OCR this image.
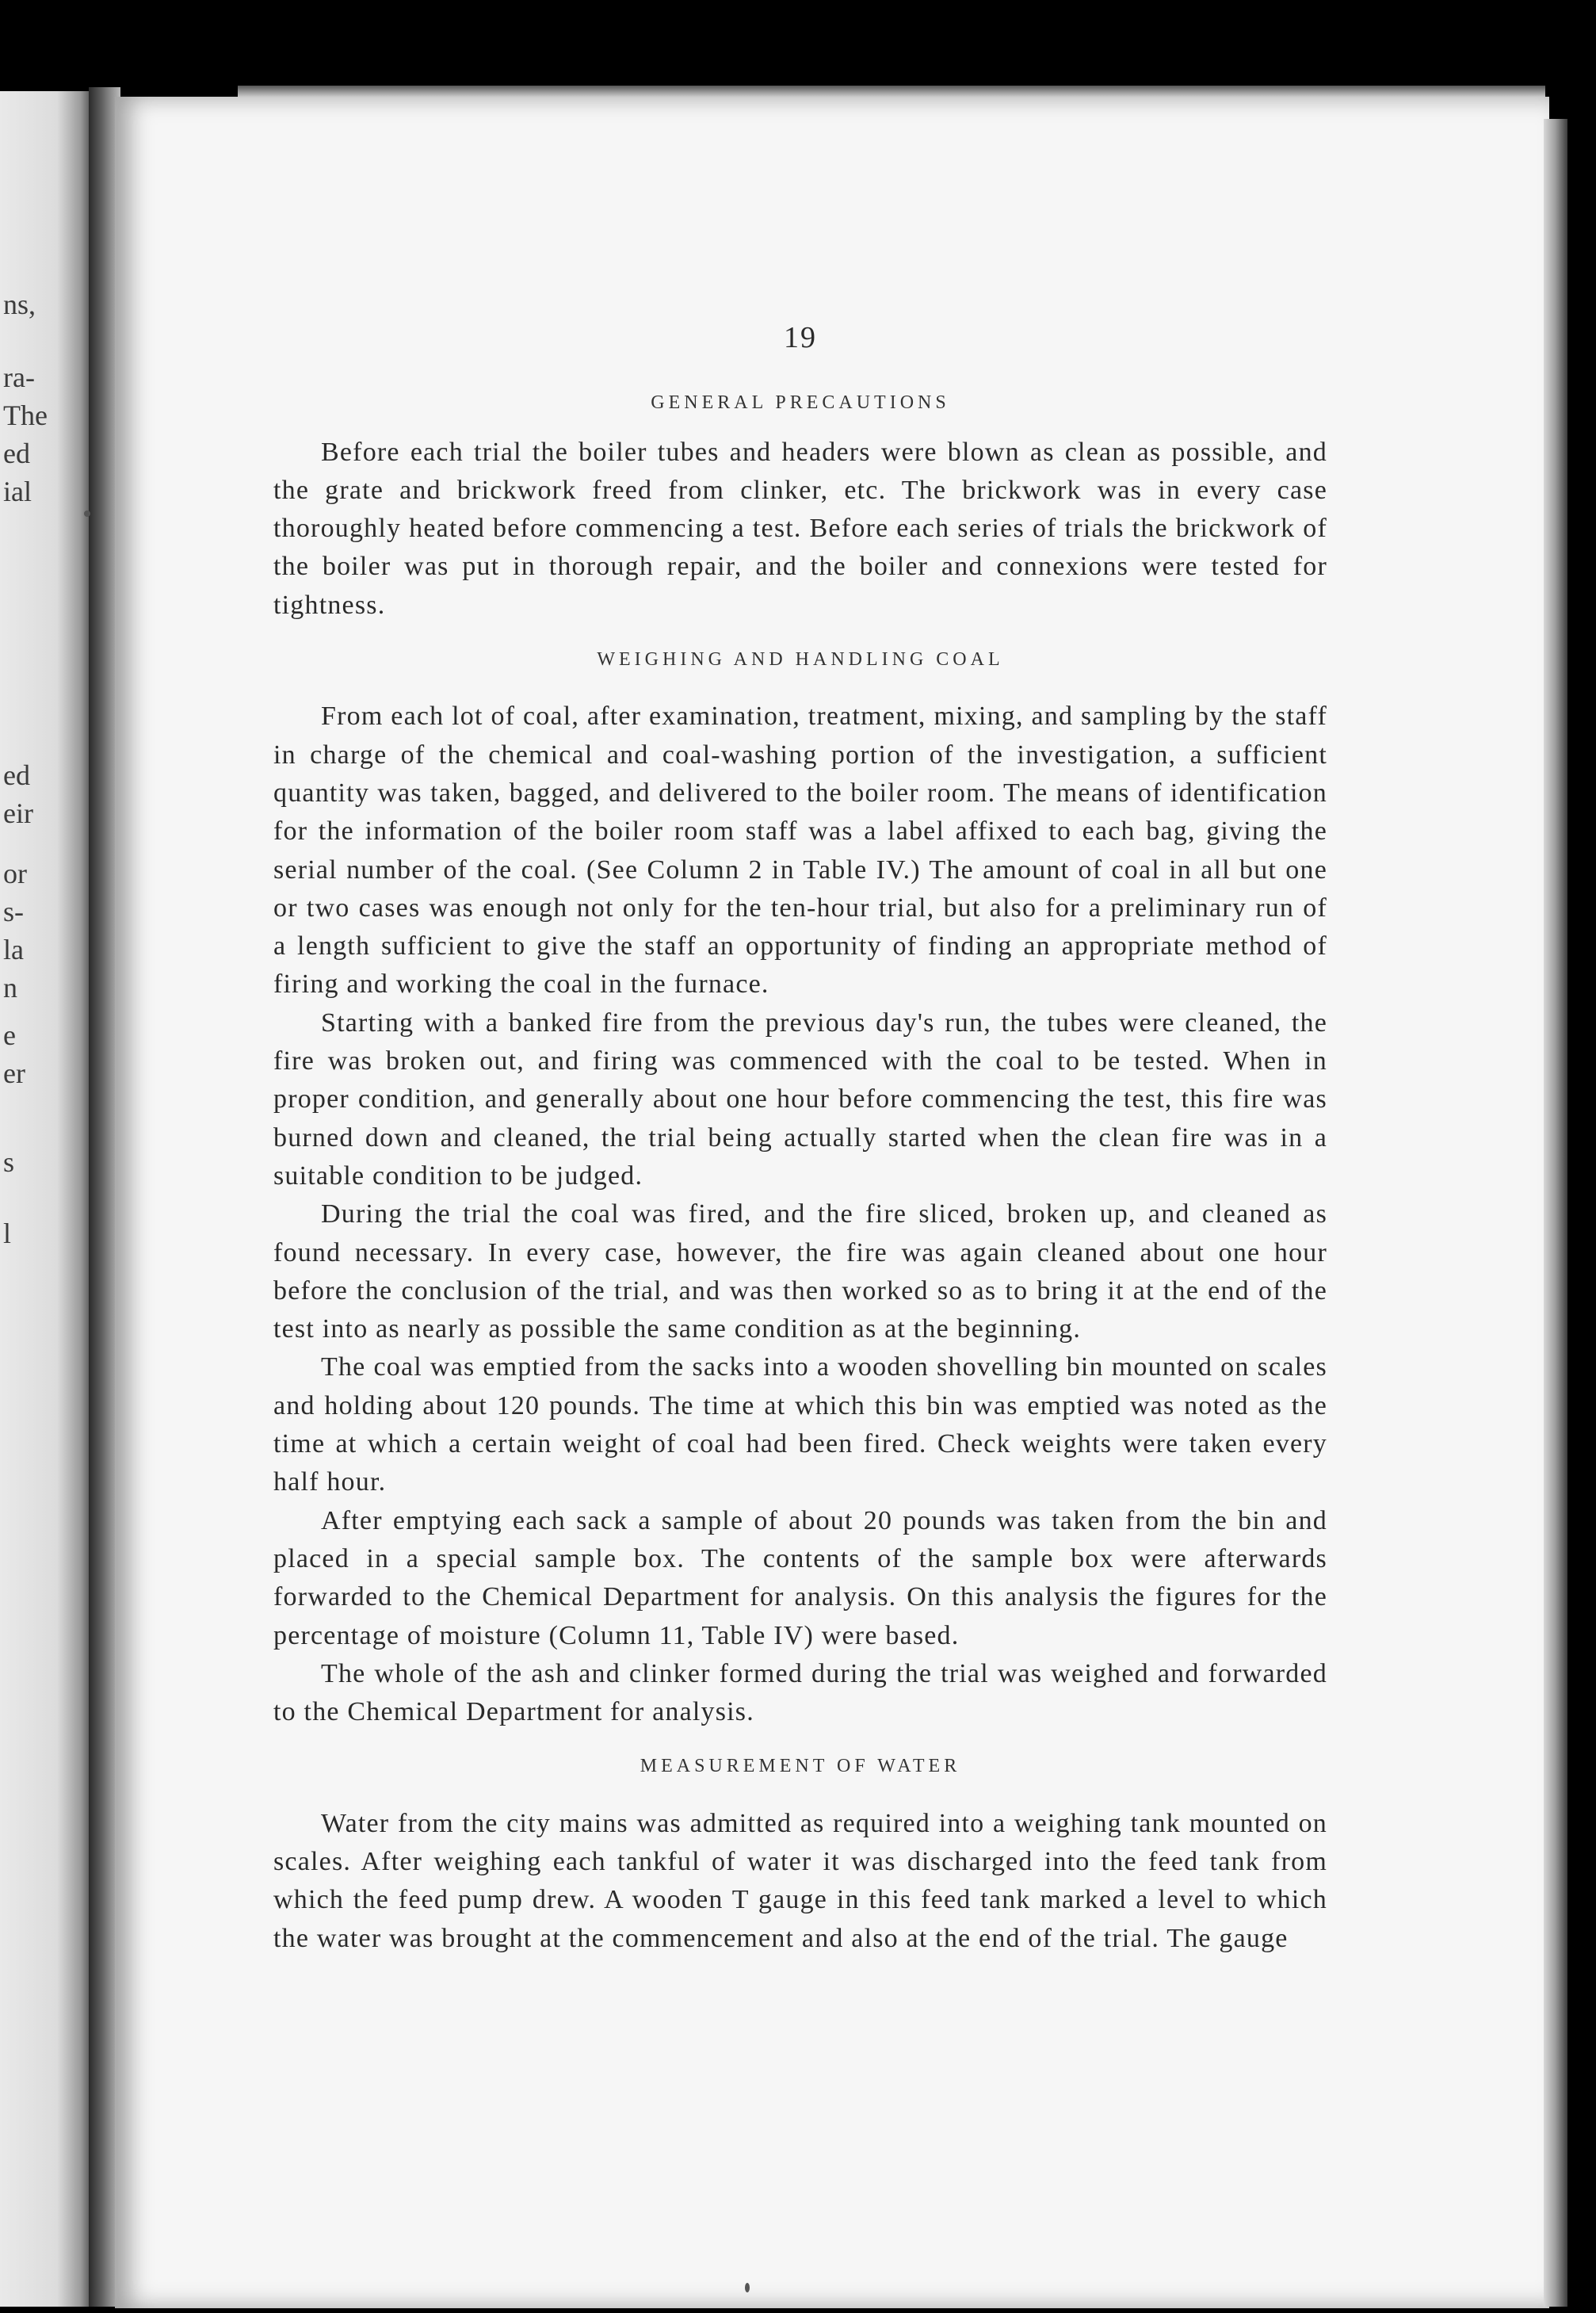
ns,
ra-
The
ed
ial
ed
eir
or
s-
la
n
e
er
s
l
19
GENERAL PRECAUTIONS

Before each trial the boiler tubes and headers were blown as clean as possible, and the grate and brickwork freed from clinker, etc. The brickwork was in every case thoroughly heated before commencing a test. Before each series of trials the brickwork of the boiler was put in thorough repair, and the boiler and connexions were tested for tightness.

WEIGHING AND HANDLING COAL

From each lot of coal, after examination, treatment, mixing, and sampling by the staff in charge of the chemical and coal-washing portion of the investigation, a sufficient quantity was taken, bagged, and delivered to the boiler room. The means of identification for the information of the boiler room staff was a label affixed to each bag, giving the serial number of the coal. (See Column 2 in Table IV.) The amount of coal in all but one or two cases was enough not only for the ten-hour trial, but also for a preliminary run of a length sufficient to give the staff an opportunity of finding an appropriate method of firing and working the coal in the furnace.

Starting with a banked fire from the previous day's run, the tubes were cleaned, the fire was broken out, and firing was commenced with the coal to be tested. When in proper condition, and generally about one hour before commencing the test, this fire was burned down and cleaned, the trial being actually started when the clean fire was in a suitable condition to be judged.

During the trial the coal was fired, and the fire sliced, broken up, and cleaned as found necessary. In every case, however, the fire was again cleaned about one hour before the conclusion of the trial, and was then worked so as to bring it at the end of the test into as nearly as possible the same condition as at the beginning.

The coal was emptied from the sacks into a wooden shovelling bin mounted on scales and holding about 120 pounds. The time at which this bin was emptied was noted as the time at which a certain weight of coal had been fired. Check weights were taken every half hour.

After emptying each sack a sample of about 20 pounds was taken from the bin and placed in a special sample box. The contents of the sample box were afterwards forwarded to the Chemical Department for analysis. On this analysis the figures for the percentage of moisture (Column 11, Table IV) were based.

The whole of the ash and clinker formed during the trial was weighed and forwarded to the Chemical Department for analysis.

MEASUREMENT OF WATER

Water from the city mains was admitted as required into a weighing tank mounted on scales. After weighing each tankful of water it was discharged into the feed tank from which the feed pump drew. A wooden T gauge in this feed tank marked a level to which the water was brought at the commencement and also at the end of the trial. The gauge
